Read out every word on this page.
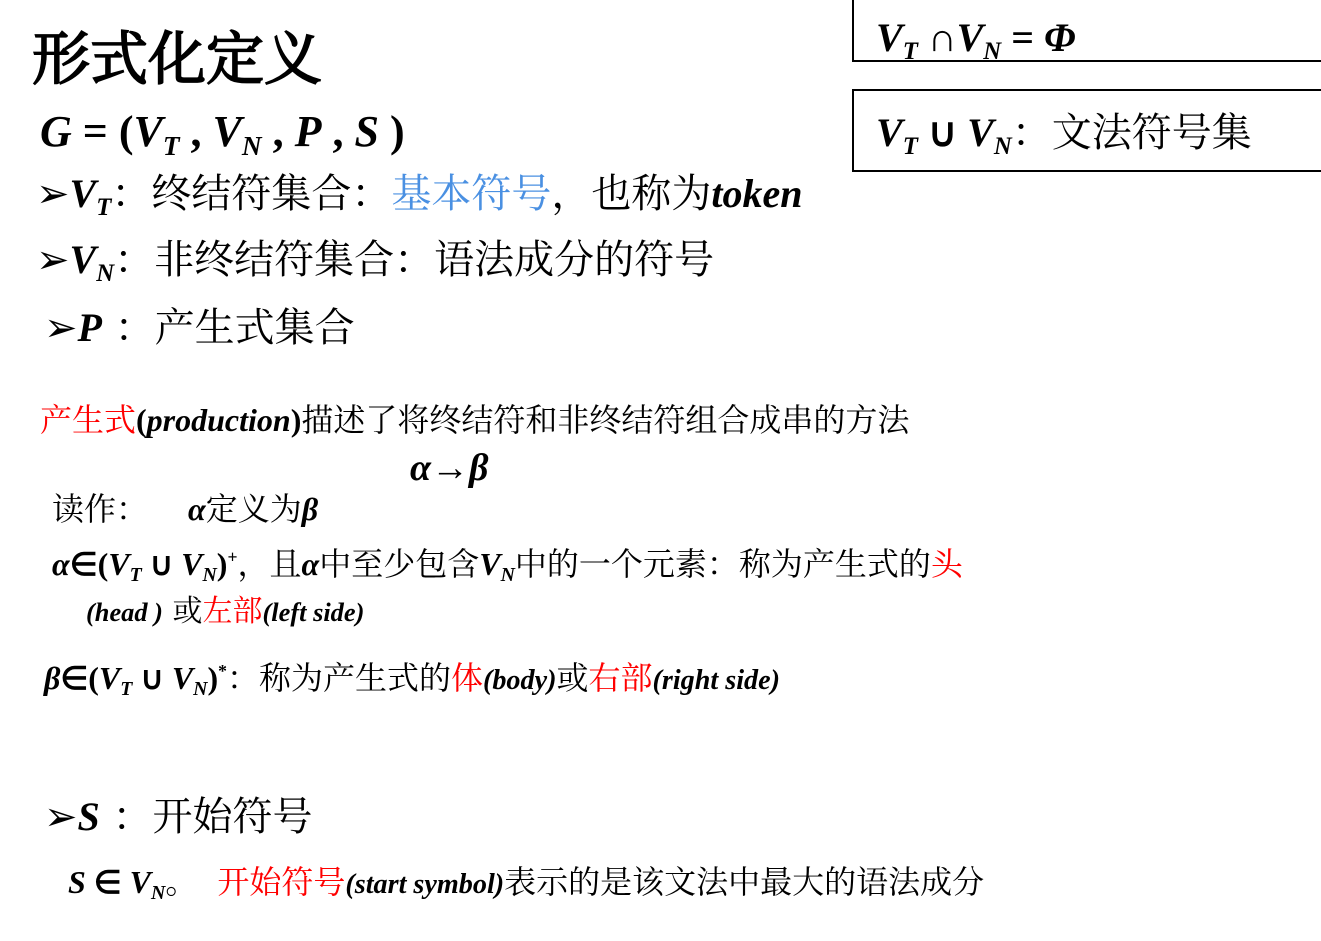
形式化定义	VT ∩VN = Φ
VT ∪ VN：文法符号集
G = (VT , VN , P , S )
➢VT：终结符集合：基本符号，也称为token
➢VN：非终结符集合：语法成分的符号
➢P ：产生式集合
产生式(production)描述了将终结符和非终结符组合成串的方法
α→β
读作： α定义为β
α∈(VT ∪ VN)+，且α中至少包含VN中的一个元素：称为产生式的头
(head ) 或左部(left side)
β∈(VT ∪ VN)*：称为产生式的体(body)或右部(right side)
➢S ：开始符号
S ∈ VN。 开始符号(start symbol)表示的是该文法中最大的语法成分
